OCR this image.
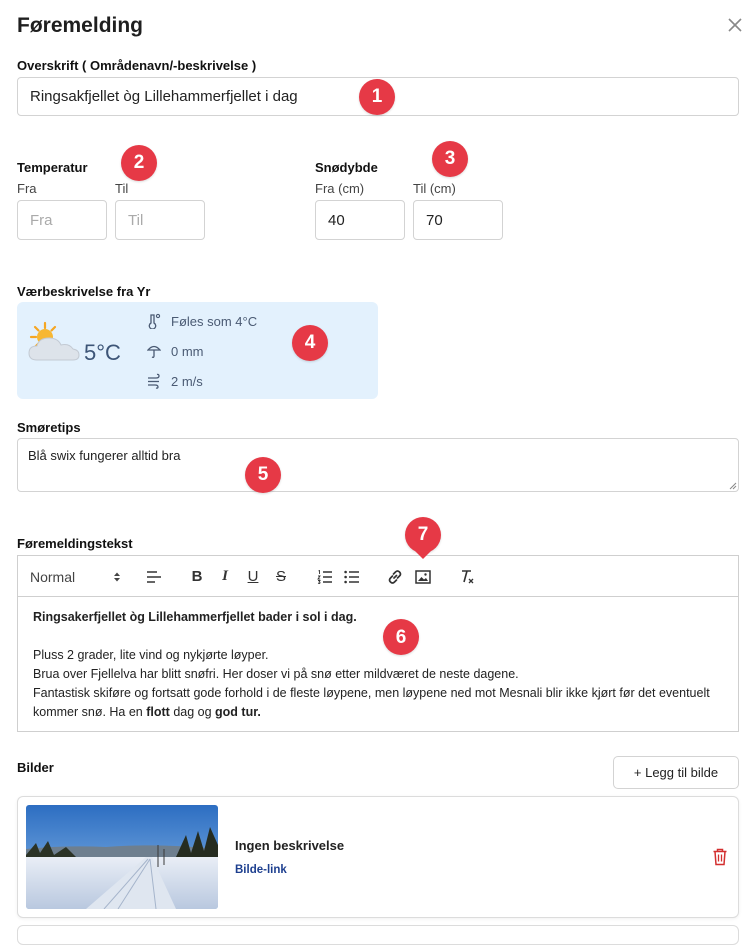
Føremelding
Overskrift ( Områdenavn/-beskrivelse )
Ringsakfjellet òg Lillehammerfjellet i dag	1
Temperatur	2
Fra	Til
Fra	Til
Snødybde	3
Fra (cm)	Til (cm)
40	70
Værbeskrivelse fra Yr
5°C
Føles som 4°C
0 mm
2 m/s
4
Smøretips
Blå swix fungerer alltid bra
5
Føremeldingstekst
Normal	B I U S
7

Ringsakerfjellet òg Lillehammerfjellet bader i sol i dag.

Pluss 2 grader, lite vind og nykjørte løyper.

Brua over Fjellelva har blitt snøfri. Her doser vi på snø etter mildværet de neste dagene.

Fantastisk skiføre og fortsatt gode forhold i de fleste løypene, men løypene ned mot Mesnali blir ikke kjørt før det eventuelt kommer snø. Ha en flott dag og god tur.

6
Bilder	+ Legg til bilde
Ingen beskrivelse
Bilde-link
